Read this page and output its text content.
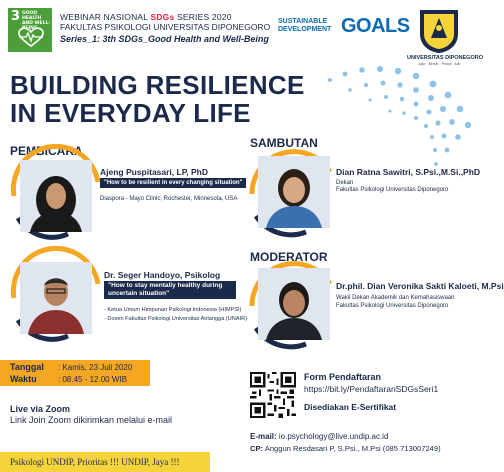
3 GOOD HEALTH AND WELL-BEING
WEBINAR NASIONAL SDGs SERIES 2020
FAKULTAS PSIKOLOGI UNIVERSITAS DIPONEGORO
Series_1: 3th SDGs_Good Health and Well-Being
SUSTAINABLE
DEVELOPMENT GOALS
UNIVERSITAS DIPONEGORO
Jujur · Bersih · Peduli · Adil
BUILDING RESILIENCE
IN EVERYDAY LIFE
PEMBICARA
SAMBUTAN
MODERATOR
Ajeng Puspitasari, LP, PhD
"How to be resilient in every changing situation"
Diaspora - Mayo Clinic, Rochester, Minnesota, USA
Dr. Seger Handoyo, Psikolog
"How to stay mentally healthy during
uncertain situation"
- Ketua Umum Himpunan Psikologi Indonesia (HIMPSI)
- Dosen Fakultas Psikologi Universitas Airlangga (UNAIR)
Dian Ratna Sawitri, S.Psi.,M.Si.,PhD
Dekan
Fakultas Psikologi Universitas Diponegoro
Dr.phil. Dian Veronika Sakti Kaloeti, M.Psi
Wakil Dekan Akademik dan Kemahasiswaan
Fakultas Psikologi Universitas Diponegoro
Tanggal : Kamis, 23 Juli 2020
Waktu	: 08.45 - 12.00 WIB
Live via Zoom
Link Join Zoom dikirimkan melalui e-mail
Form Pendaftaran
https://bit.ly/PendaftaranSDGsSeri1
Disediakan E-Sertifikat
E-mail: io.psychology@live.undip.ac.id
CP: Anggun Resdasari P, S.Psi., M.Psi (085 713007249)
Psikologi UNDIP, Prioritas !!! UNDIP, Jaya !!!
